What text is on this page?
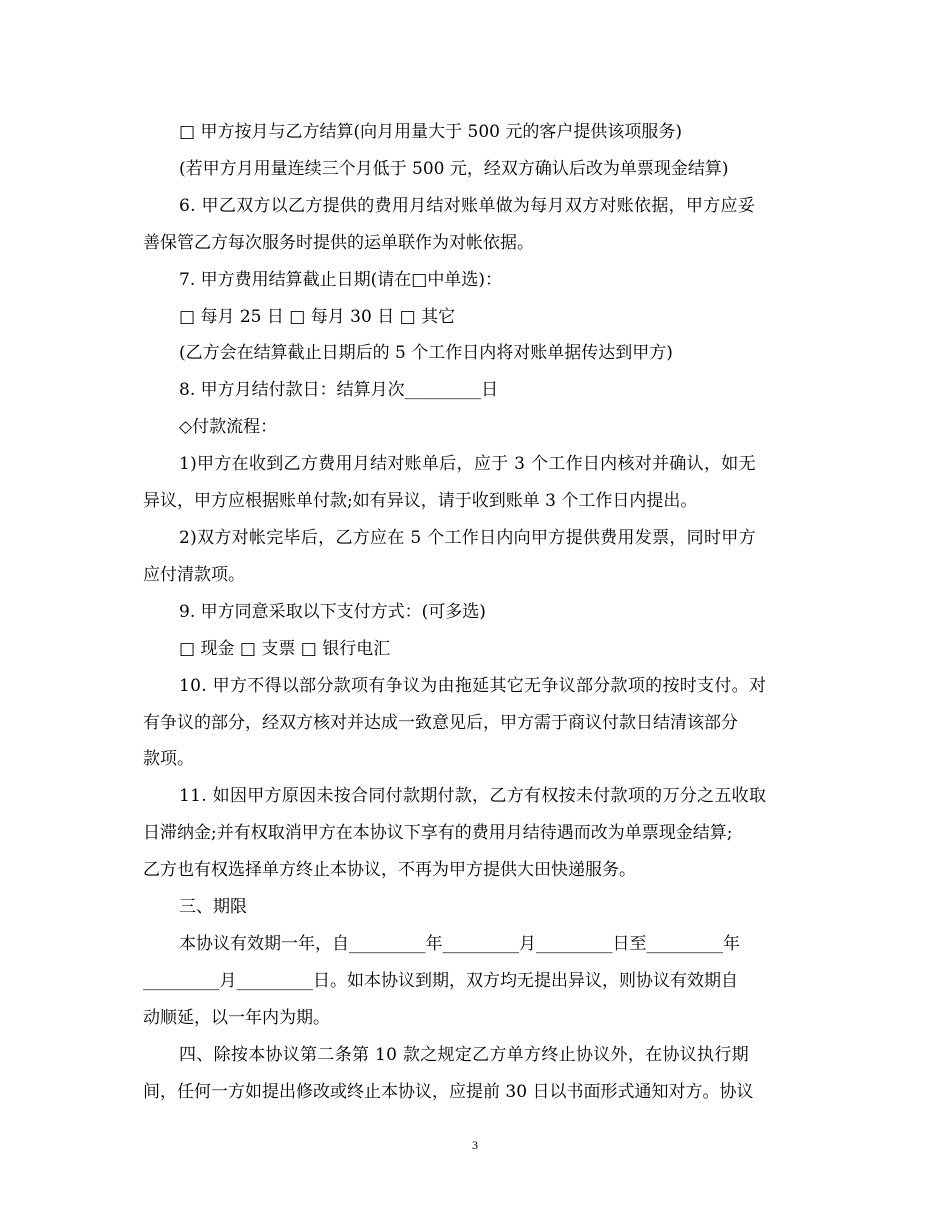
□ 甲方按月与乙方结算(向月用量大于 500 元的客户提供该项服务)

(若甲方月用量连续三个月低于 500 元，经双方确认后改为单票现金结算)

6. 甲乙双方以乙方提供的费用月结对账单做为每月双方对账依据，甲方应妥

善保管乙方每次服务时提供的运单联作为对帐依据。

7. 甲方费用结算截止日期(请在□中单选)：

□ 每月 25 日 □ 每月 30 日 □ 其它

(乙方会在结算截止日期后的 5 个工作日内将对账单据传达到甲方)

8. 甲方月结付款日：结算月次_________日

◇付款流程：

1)甲方在收到乙方费用月结对账单后，应于 3 个工作日内核对并确认，如无

异议，甲方应根据账单付款;如有异议，请于收到账单 3 个工作日内提出。

2)双方对帐完毕后，乙方应在 5 个工作日内向甲方提供费用发票，同时甲方

应付清款项。

9. 甲方同意采取以下支付方式：(可多选)

□ 现金 □ 支票 □ 银行电汇

10. 甲方不得以部分款项有争议为由拖延其它无争议部分款项的按时支付。对

有争议的部分，经双方核对并达成一致意见后，甲方需于商议付款日结清该部分

款项。

11. 如因甲方原因未按合同付款期付款，乙方有权按未付款项的万分之五收取

日滞纳金;并有权取消甲方在本协议下享有的费用月结待遇而改为单票现金结算;

乙方也有权选择单方终止本协议，不再为甲方提供大田快递服务。

三、期限

本协议有效期一年，自_________年_________月_________日至_________年

_________月_________日。如本协议到期，双方均无提出异议，则协议有效期自

动顺延，以一年内为期。

四、除按本协议第二条第 10 款之规定乙方单方终止协议外，在协议执行期

间，任何一方如提出修改或终止本协议，应提前 30 日以书面形式通知对方。协议

3
